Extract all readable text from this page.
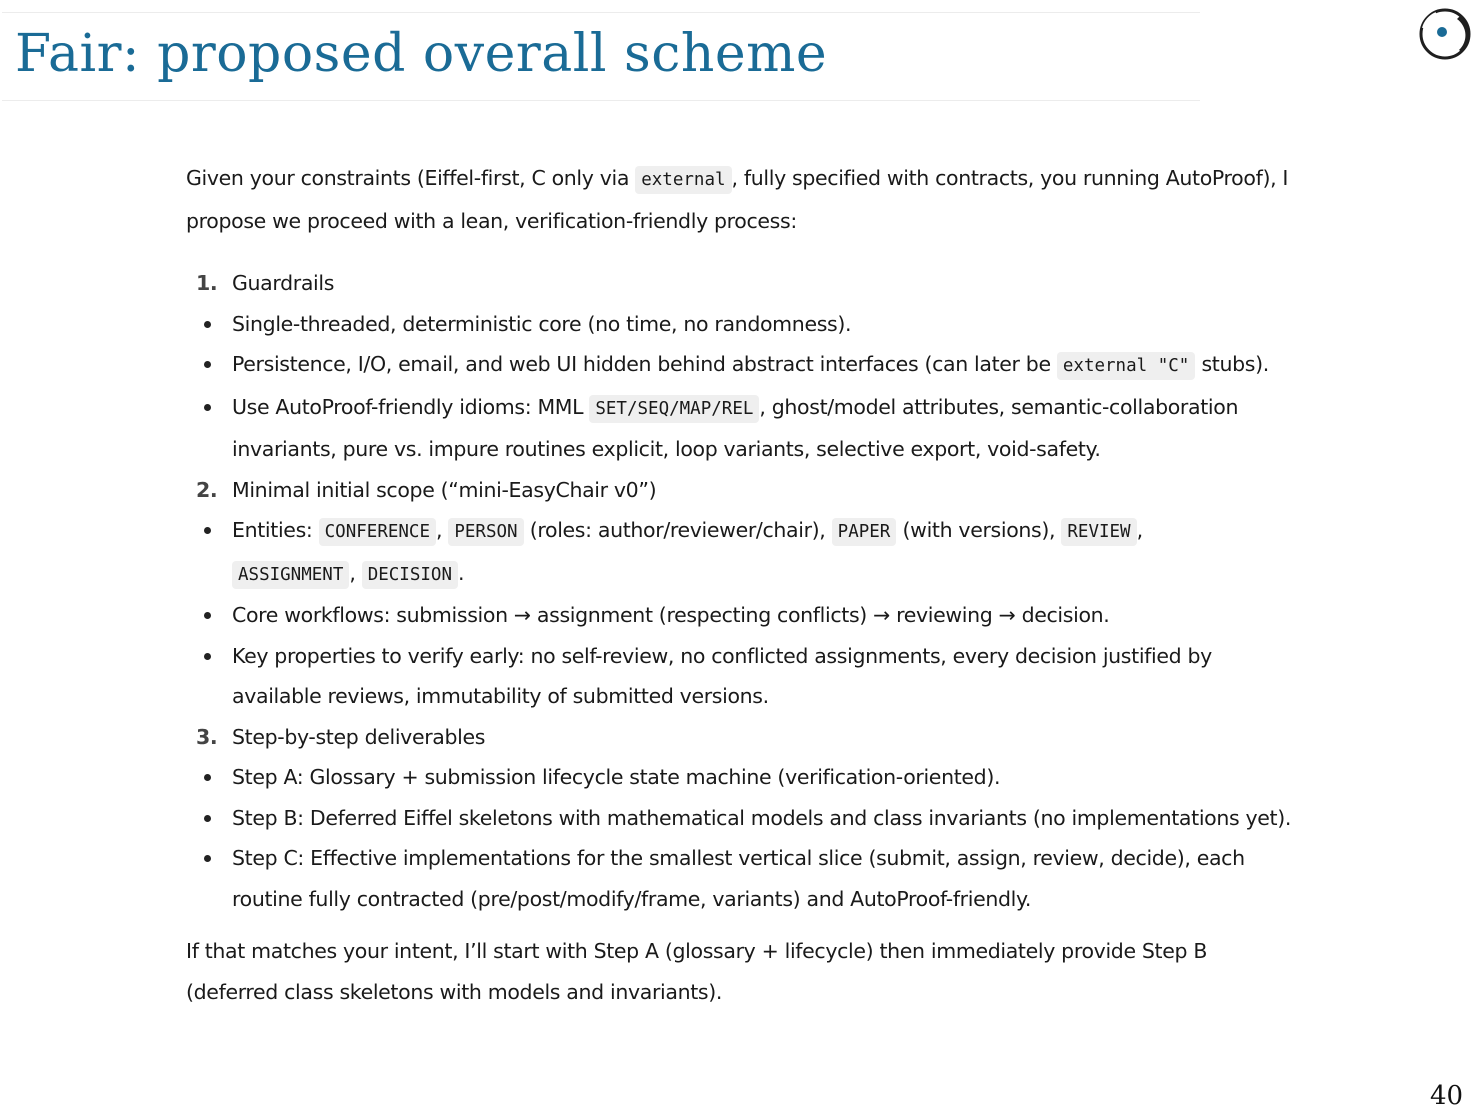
Fair: proposed overall scheme

Given your constraints (Eiffel-first, C only via external , fully specified with contracts, you running AutoProof), I propose we proceed with a lean, verification-friendly process:

1. Guardrails
Single-threaded, deterministic core (no time, no randomness).
Persistence, I/O, email, and web UI hidden behind abstract interfaces (can later be external "C" stubs).
Use AutoProof-friendly idioms: MML SET/SEQ/MAP/REL , ghost/model attributes, semantic-collaboration invariants, pure vs. impure routines explicit, loop variants, selective export, void-safety.
2. Minimal initial scope (“mini-EasyChair v0”)
Entities: CONFERENCE , PERSON (roles: author/reviewer/chair), PAPER (with versions), REVIEW ,
ASSIGNMENT , DECISION .
Core workflows: submission → assignment (respecting conflicts) → reviewing → decision.
Key properties to verify early: no self-review, no conflicted assignments, every decision justified by available reviews, immutability of submitted versions.
3. Step-by-step deliverables
Step A: Glossary + submission lifecycle state machine (verification-oriented).
Step B: Deferred Eiffel skeletons with mathematical models and class invariants (no implementations yet).
Step C: Effective implementations for the smallest vertical slice (submit, assign, review, decide), each routine fully contracted (pre/post/modify/frame, variants) and AutoProof-friendly.

If that matches your intent, I’ll start with Step A (glossary + lifecycle) then immediately provide Step B (deferred class skeletons with models and invariants).

40
